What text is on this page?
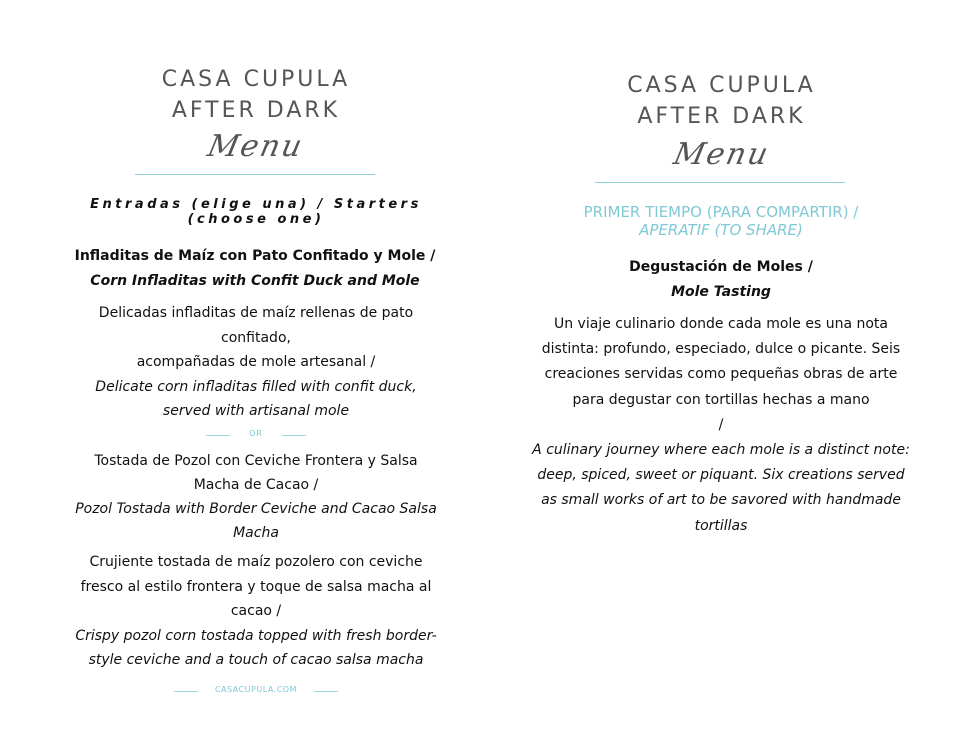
CASA CUPULA

AFTER DARK

Menu
Entradas (elige una) / Starters (choose one)
Infladitas de Maíz con Pato Confitado y Mole /
Corn Infladitas with Confit Duck and Mole
Delicadas infladitas de maíz rellenas de pato confitado,
acompañadas de mole artesanal /
Delicate corn infladitas filled with confit duck, served with artisanal mole
OR
Tostada de Pozol con Ceviche Frontera y Salsa Macha de Cacao /
Pozol Tostada with Border Ceviche and Cacao Salsa Macha
Crujiente tostada de maíz pozolero con ceviche fresco al estilo frontera y toque de salsa macha al cacao /
Crispy pozol corn tostada topped with fresh border-style ceviche and a touch of cacao salsa macha
CASACUPULA.COM

CASA CUPULA

AFTER DARK

Menu
PRIMER TIEMPO (PARA COMPARTIR) /
APERATIF (TO SHARE)
Degustación de Moles /
Mole Tasting
Un viaje culinario donde cada mole es una nota distinta: profundo, especiado, dulce o picante. Seis creaciones servidas como pequeñas obras de arte para degustar con tortillas hechas a mano
/
A culinary journey where each mole is a distinct note: deep, spiced, sweet or piquant. Six creations served as small works of art to be savored with handmade tortillas
